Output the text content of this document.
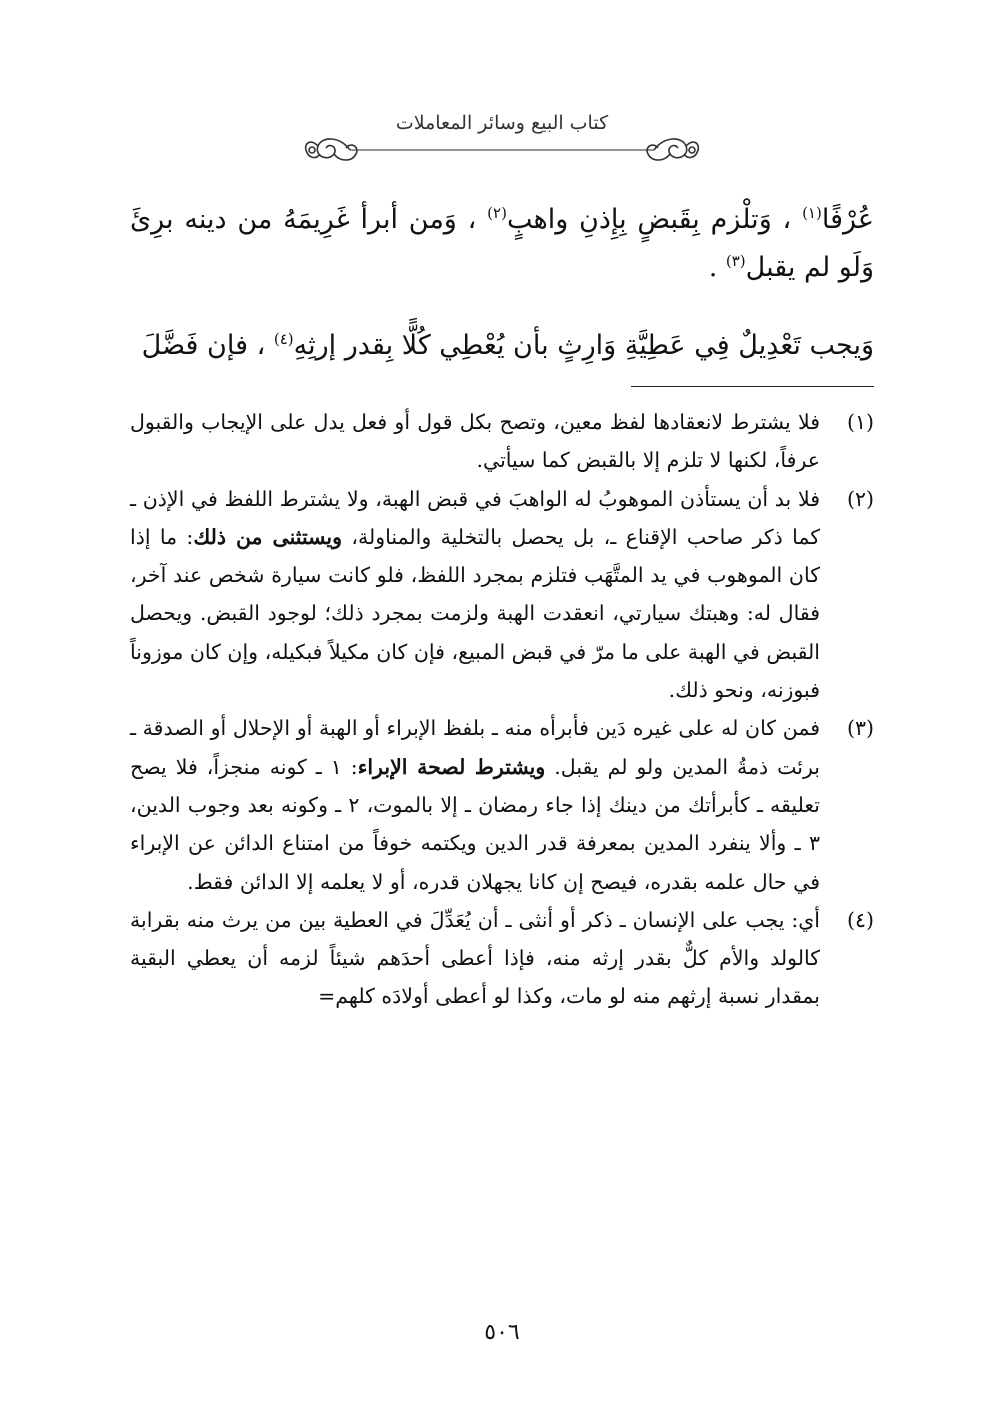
كتاب البيع وسائر المعاملات

عُرْفًا$^{(١)}$ ، وَتلْزم بِقَبضٍ بِإِذنِ واهبٍ$^{(٢)}$ ، وَمن أبرأ غَرِيمَهُ من دينه برِئَ وَلَو لم يقبل$^{(٣)}$ .

وَيجب تَعْدِيلٌ فِي عَطِيَّةِ وَارِثٍ بأن يُعْطِي كُلًّا بِقدر إرثِهِ$^{(٤)}$ ، فإن فَضَّلَ

(١)
فلا يشترط لانعقادها لفظ معين، وتصح بكل قول أو فعل يدل على الإيجاب والقبول عرفاً، لكنها لا تلزم إلا بالقبض كما سيأتي.
(٢)
فلا بد أن يستأذن الموهوبُ له الواهبَ في قبض الهبة، ولا يشترط اللفظ في الإذن ـ كما ذكر صاحب الإقناع ـ، بل يحصل بالتخلية والمناولة، ويستثنى من ذلك: ما إذا كان الموهوب في يد المتَّهَب فتلزم بمجرد اللفظ، فلو كانت سيارة شخص عند آخر، فقال له: وهبتك سيارتي، انعقدت الهبة ولزمت بمجرد ذلك؛ لوجود القبض. ويحصل القبض في الهبة على ما مرّ في قبض المبيع، فإن كان مكيلاً فبكيله، وإن كان موزوناً فبوزنه، ونحو ذلك.
(٣)
فمن كان له على غيره دَين فأبرأه منه ـ بلفظ الإبراء أو الهبة أو الإحلال أو الصدقة ـ برئت ذمةُ المدين ولو لم يقبل. ويشترط لصحة الإبراء: ١ ـ كونه منجزاً، فلا يصح تعليقه ـ كأبرأتك من دينك إذا جاء رمضان ـ إلا بالموت، ٢ ـ وكونه بعد وجوب الدين، ٣ ـ وألا ينفرد المدين بمعرفة قدر الدين ويكتمه خوفاً من امتناع الدائن عن الإبراء في حال علمه بقدره، فيصح إن كانا يجهلان قدره، أو لا يعلمه إلا الدائن فقط.
(٤)
أي: يجب على الإنسان ـ ذكر أو أنثى ـ أن يُعَدِّلَ في العطية بين من يرث منه بقرابة كالولد والأم كلٌّ بقدر إرثه منه، فإذا أعطى أحدَهم شيئاً لزمه أن يعطي البقية بمقدار نسبة إرثهم منه لو مات، وكذا لو أعطى أولادَه كلهم=
٥٠٦
